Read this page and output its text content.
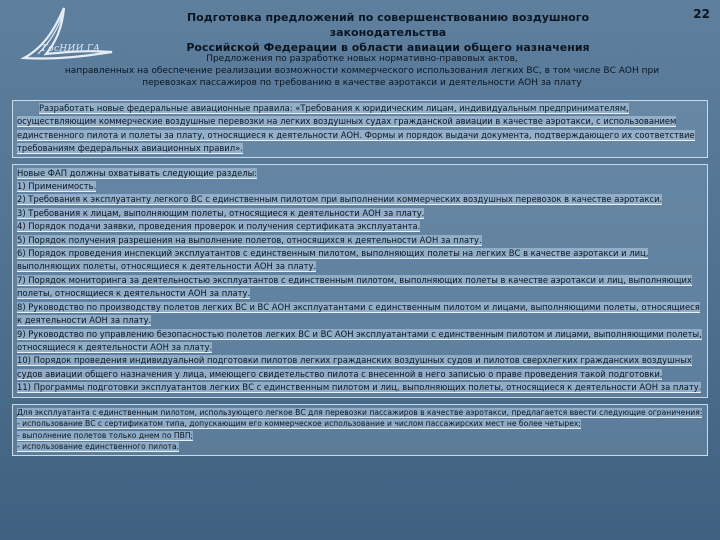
ГосНИИ ГА
Подготовка предложений по совершенствованию воздушного законодательства
Российской Федерации в области авиации общего назначения
22
Предложения по разработке новых нормативно-правовых актов,
направленных на обеспечение реализации возможности коммерческого использования легких ВС, в том числе ВС АОН при
перевозках пассажиров по требованию в качестве аэротакси и деятельности АОН за плату

Разработать новые федеральные авиационные правила: «Требования к юридическим лицам, индивидуальным предпринимателям, осуществляющим коммерческие воздушные перевозки на легких воздушных судах гражданской авиации в качестве аэротакси, с использованием единственного пилота и полеты за плату, относящиеся к деятельности АОН. Формы и порядок выдачи документа, подтверждающего их соответствие требованиям федеральных авиационных правил».

Новые ФАП должны охватывать следующие разделы:

1) Применимость.

2) Требования к эксплуатанту легкого ВС с единственным пилотом при выполнении коммерческих воздушных перевозок в качестве аэротакси.

3) Требования к лицам, выполняющим полеты, относящиеся к деятельности АОН за плату.

4) Порядок подачи заявки, проведения проверок и получения сертификата эксплуатанта.

5) Порядок получения разрешения на выполнение полетов, относящихся к деятельности АОН за плату.

6) Порядок проведения инспекций эксплуатантов с единственным пилотом, выполняющих полеты на легких ВС в качестве аэротакси и лиц, выполняющих полеты, относящиеся к деятельности АОН за плату.

7) Порядок мониторинга за деятельностью эксплуатантов с единственным пилотом, выполняющих полеты в качестве аэротакси и лиц, выполняющих полеты, относящиеся к деятельности АОН за плату.

8) Руководство по производству полетов легких ВС и ВС АОН эксплуатантами с единственным пилотом и лицами, выполняющими полеты, относящиеся к деятельности АОН за плату.

9) Руководство по управлению безопасностью полетов легких ВС и ВС АОН эксплуатантами с единственным пилотом и лицами, выполняющими полеты, относящиеся к деятельности АОН за плату.

10) Порядок проведения индивидуальной подготовки пилотов легких гражданских воздушных судов и пилотов сверхлегких гражданских воздушных судов авиации общего назначения у лица, имеющего свидетельство пилота с внесенной в него записью о праве проведения такой подготовки.

11) Программы подготовки эксплуатантов легких ВС с единственным пилотом и лиц, выполняющих полеты, относящиеся к деятельности АОН за плату.

Для эксплуатанта с единственным пилотом, использующего легкое ВС для перевозки пассажиров в качестве аэротакси, предлагается ввести следующие ограничения:

- использование ВС с сертификатом типа, допускающим его коммерческое использование и числом пассажирских мест не более четырех;

- выполнение полетов только днем по ПВП;

- использование единственного пилота.
